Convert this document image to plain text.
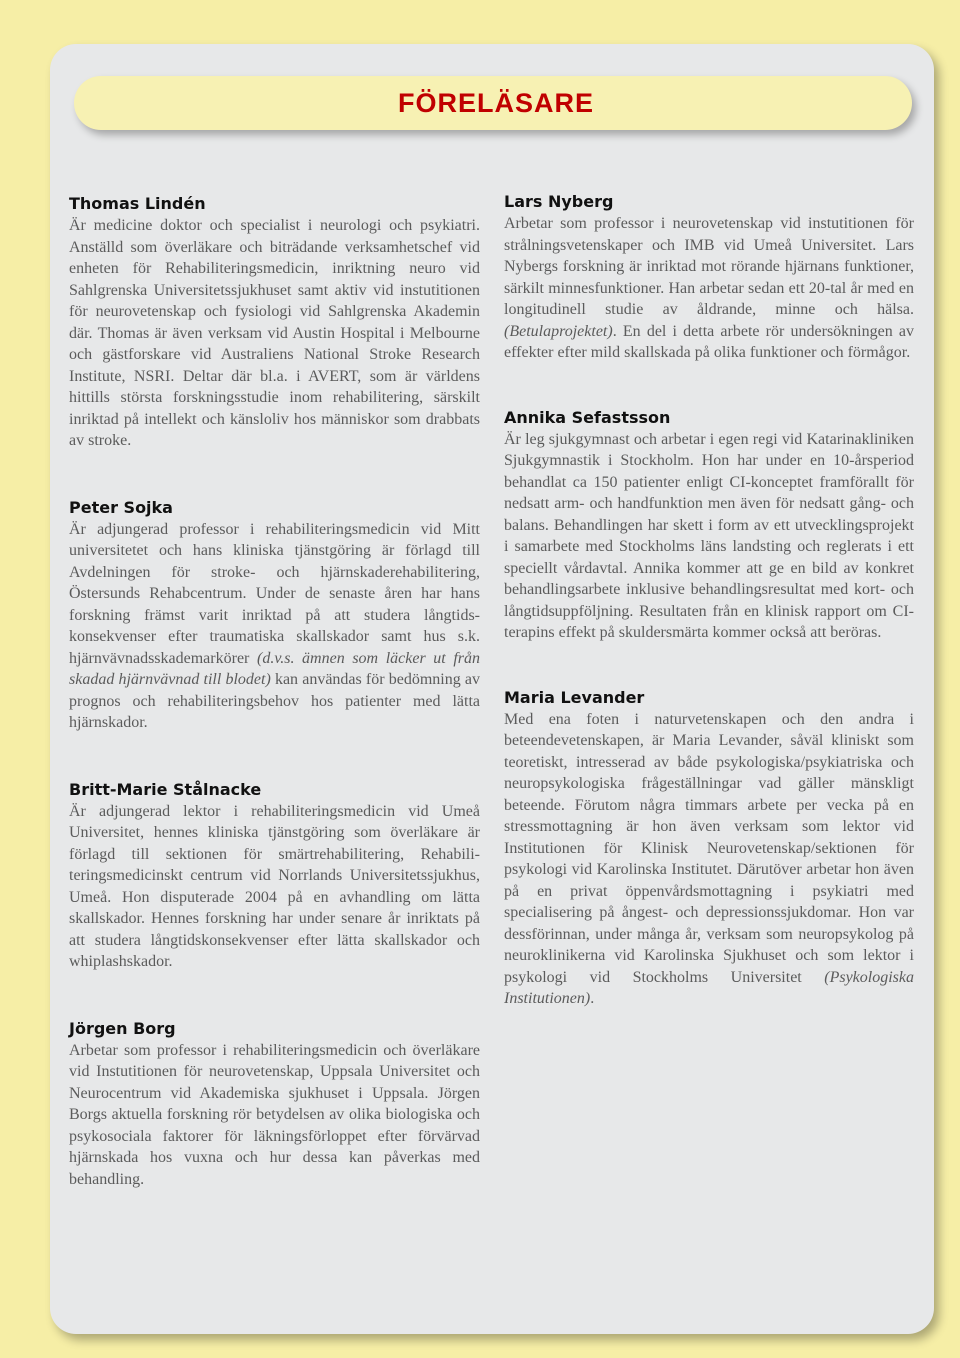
FÖRELÄSARE
Thomas Lindén

Är medicine doktor och specialist i neurologi och psykiatri. Anställd som överläkare och biträdande verksamhetschef vid enheten för Rehabiliteringsmedicin, inriktning neuro vid Sahlgrenska Universitetssjukhuset samt aktiv vid instutitionen för neurovetenskap och fysiologi vid Sahlgrenska Akademin där. Thomas är även verksam vid Austin Hospital i Melbourne och gästforskare vid Australiens National Stroke Research Institute, NSRI. Deltar där bl.a. i AVERT, som är världens hittills största forskningsstudie inom rehabilitering, särskilt inriktad på intellekt och känsloliv hos människor som drabbats av stroke.

Peter Sojka

Är adjungerad professor i rehabiliteringsmedicin vid Mitt universitetet och hans kliniska tjänstgöring är förlagd till Avdelningen för stroke- och hjärnskaderehabilitering, Östersunds Rehabcentrum. Under de senaste åren har hans forskning främst varit inriktad på att studera långtidskonsekvenser efter traumatiska skallskador samt hus s.k. hjärnvävnadsskademarkörer (d.v.s. ämnen som läcker ut från skadad hjärnvävnad till blodet) kan användas för bedömning av prognos och rehabiliteringsbehov hos patienter med lätta hjärnskador.

Britt-Marie Stålnacke

Är adjungerad lektor i rehabiliteringsmedicin vid Umeå Universitet, hennes kliniska tjänstgöring som överläkare är förlagd till sektionen för smärtrehabilitering, Rehabiliteringsmedicinskt centrum vid Norrlands Universitetssjukhus, Umeå. Hon disputerade 2004 på en avhandling om lätta skallskador. Hennes forskning har under senare år inriktats på att studera långtidskonsekvenser efter lätta skallskador och whiplashskador.

Jörgen Borg

Arbetar som professor i rehabiliteringsmedicin och överläkare vid Instutitionen för neurovetenskap, Uppsala Universitet och Neurocentrum vid Akademiska sjukhuset i Uppsala. Jörgen Borgs aktuella forskning rör betydelsen av olika biologiska och psykosociala faktorer för läkningsförloppet efter förvärvad hjärnskada hos vuxna och hur dessa kan påverkas med behandling.

Lars Nyberg

Arbetar som professor i neurovetenskap vid instutitionen för strålningsvetenskaper och IMB vid Umeå Universitet. Lars Nybergs forskning är inriktad mot rörande hjärnans funktioner, särkilt minnesfunktioner. Han arbetar sedan ett 20-tal år med en longitudinell studie av åldrande, minne och hälsa. (Betulaprojektet). En del i detta arbete rör undersökningen av effekter efter mild skallskada på olika funktioner och förmågor.

Annika Sefastsson

Är leg sjukgymnast och arbetar i egen regi vid Katarinakliniken Sjukgymnastik i Stockholm. Hon har under en 10-årsperiod behandlat ca 150 patienter enligt CI-konceptet framförallt för nedsatt arm- och handfunktion men även för nedsatt gång- och balans. Behandlingen har skett i form av ett utvecklingsprojekt i samarbete med Stockholms läns landsting och reglerats i ett speciellt vårdavtal. Annika kommer att ge en bild av konkret behandlingsarbete inklusive behandlingsresultat med kort- och långtidsuppföljning. Resultaten från en klinisk rapport om CI-terapins effekt på skuldersmärta kommer också att beröras.

Maria Levander

Med ena foten i naturvetenskapen och den andra i beteendevetenskapen, är Maria Levander, såväl kliniskt som teoretiskt, intresserad av både psykologiska/psykiatriska och neuropsykologiska frågeställningar vad gäller mänskligt beteende. Förutom några timmars arbete per vecka på en stressmottagning är hon även verksam som lektor vid Institutionen för Klinisk Neurovetenskap/sektionen för psykologi vid Karolinska Institutet. Därutöver arbetar hon även på en privat öppenvårdsmottagning i psykiatri med specialisering på ångest- och depressionssjukdomar. Hon var dessförinnan, under många år, verksam som neuropsykolog på neuroklinikerna vid Karolinska Sjukhuset och som lektor i psykologi vid Stockholms Universitet (Psykologiska Institutionen).
